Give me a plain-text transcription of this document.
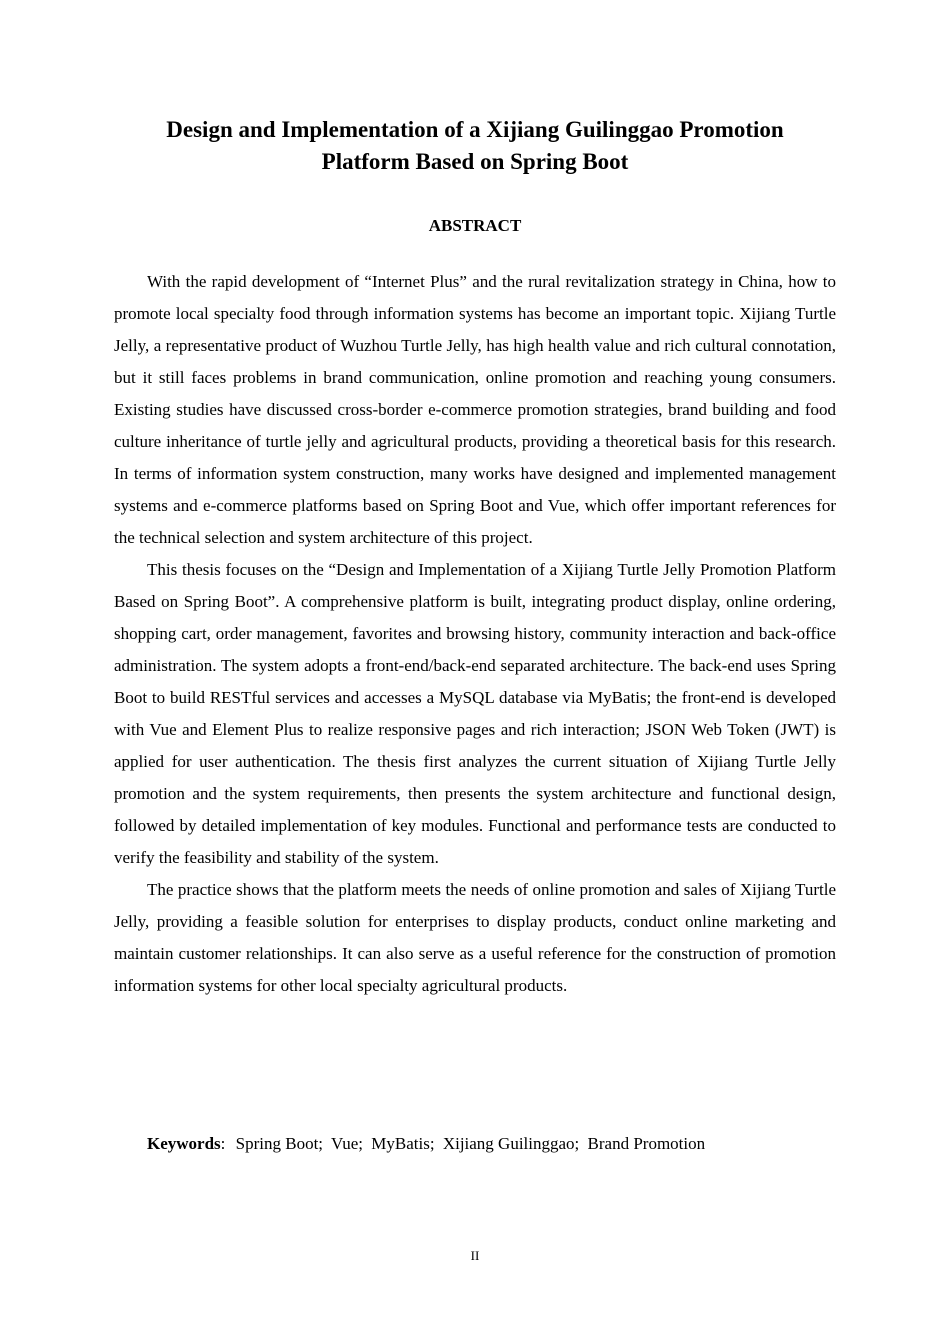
Design and Implementation of a Xijiang Guilinggao Promotion
Platform Based on Spring Boot
ABSTRACT

With the rapid development of “Internet Plus” and the rural revitalization strategy in China, how to promote local specialty food through information systems has become an important topic. Xijiang Turtle Jelly, a representative product of Wuzhou Turtle Jelly, has high health value and rich cultural connotation, but it still faces problems in brand communication, online promotion and reaching young consumers. Existing studies have discussed cross-border e-commerce promotion strategies, brand building and food culture inheritance of turtle jelly and agricultural products, providing a theoretical basis for this research. In terms of information system construction, many works have designed and implemented management systems and e-commerce platforms based on Spring Boot and Vue, which offer important references for the technical selection and system architecture of this project.

This thesis focuses on the “Design and Implementation of a Xijiang Turtle Jelly Promotion Platform Based on Spring Boot”. A comprehensive platform is built, integrating product display, online ordering, shopping cart, order management, favorites and browsing history, community interaction and back-office administration. The system adopts a front-end/back-end separated architecture. The back-end uses Spring Boot to build RESTful services and accesses a MySQL database via MyBatis; the front-end is developed with Vue and Element Plus to realize responsive pages and rich interaction; JSON Web Token (JWT) is applied for user authentication. The thesis first analyzes the current situation of Xijiang Turtle Jelly promotion and the system requirements, then presents the system architecture and functional design, followed by detailed implementation of key modules. Functional and performance tests are conducted to verify the feasibility and stability of the system.

The practice shows that the platform meets the needs of online promotion and sales of Xijiang Turtle Jelly, providing a feasible solution for enterprises to display products, conduct online marketing and maintain customer relationships. It can also serve as a useful reference for the construction of promotion information systems for other local specialty agricultural products.

Keywords: Spring Boot; Vue; MyBatis; Xijiang Guilinggao; Brand Promotion
II
